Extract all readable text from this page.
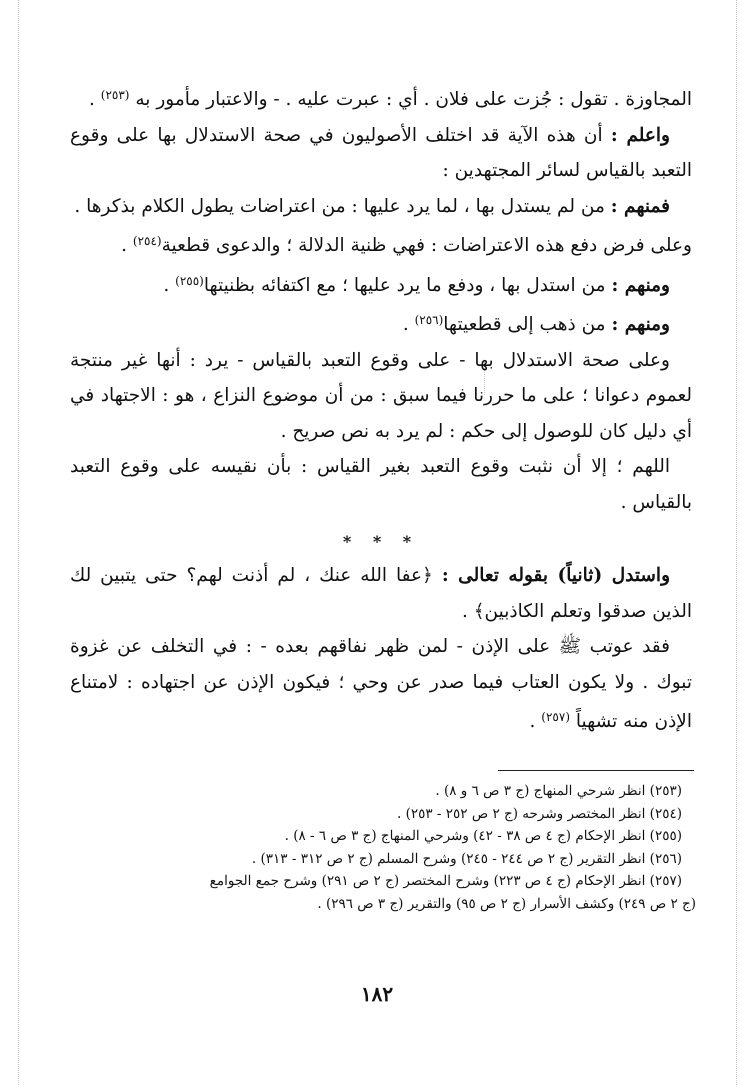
المجاوزة . تقول : جُزت على فلان . أي : عبرت عليه . - والاعتبار مأمور به $^{(٢٥٣)}$ .

واعلم : أن هذه الآية قد اختلف الأصوليون في صحة الاستدلال بها على وقوع التعبد بالقياس لسائر المجتهدين :

فمنهم : من لم يستدل بها ، لما يرد عليها : من اعتراضات يطول الكلام بذكرها .

وعلى فرض دفع هذه الاعتراضات : فهي ظنية الدلالة ؛ والدعوى قطعية$^{(٢٥٤)}$ .

ومنهم : من استدل بها ، ودفع ما يرد عليها ؛ مع اكتفائه بظنيتها$^{(٢٥٥)}$ .

ومنهم : من ذهب إلى قطعيتها$^{(٢٥٦)}$ .

وعلى صحة الاستدلال بها - على وقوع التعبد بالقياس - يرد : أنها غير منتجة لعموم دعوانا ؛ على ما حررنا فيما سبق : من أن موضوع النزاع ، هو : الاجتهاد في أي دليل كان للوصول إلى حكم : لم يرد به نص صريح .

اللهم ؛ إلا أن نثبت وقوع التعبد بغير القياس : بأن نقيسه على وقوع التعبد بالقياس .

* * *

واستدل (ثانياً) بقوله تعالى : ﴿عفا الله عنك ، لم أذنت لهم؟ حتى يتبين لك الذين صدقوا وتعلم الكاذبين﴾ .

فقد عوتب ﷺ على الإذن - لمن ظهر نفاقهم بعده - : في التخلف عن غزوة تبوك . ولا يكون العتاب فيما صدر عن وحي ؛ فيكون الإذن عن اجتهاده : لامتناع الإذن منه تشهياً $^{(٢٥٧)}$ .

(٢٥٣) انظر شرحي المنهاج (ج ٣ ص ٦ و ٨) .

(٢٥٤) انظر المختصر وشرحه (ج ٢ ص ٢٥٢ - ٢٥٣) .

(٢٥٥) انظر الإحكام (ج ٤ ص ٣٨ - ٤٢) وشرحي المنهاج (ج ٣ ص ٦ - ٨) .

(٢٥٦) انظر التقرير (ج ٢ ص ٢٤٤ - ٢٤٥) وشرح المسلم (ج ٢ ص ٣١٢ - ٣١٣) .

(٢٥٧) انظر الإحكام (ج ٤ ص ٢٢٣) وشرح المختصر (ج ٢ ص ٢٩١) وشرح جمع الجوامع

(ج ٢ ص ٢٤٩) وكشف الأسرار (ج ٢ ص ٩٥) والتقرير (ج ٣ ص ٢٩٦) .

١٨٢
